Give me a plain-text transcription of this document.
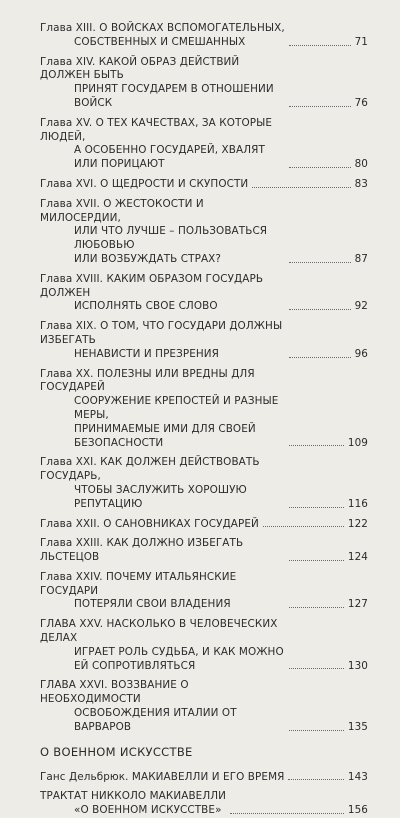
Глава XIII. О ВОЙСКАХ ВСПОМОГАТЕЛЬНЫХ,

СОБСТВЕННЫХ И СМЕШАННЫХ	71
Глава XIV. КАКОЙ ОБРАЗ ДЕЙСТВИЙ ДОЛЖЕН БЫТЬ

ПРИНЯТ ГОСУДАРЕМ В ОТНОШЕНИИ ВОЙСК	76
Глава XV. О ТЕХ КАЧЕСТВАХ, ЗА КОТОРЫЕ ЛЮДЕЙ,

А ОСОБЕННО ГОСУДАРЕЙ, ХВАЛЯТ
ИЛИ ПОРИЦАЮТ	80
Глава XVI. О ЩЕДРОСТИ И СКУПОСТИ	83
Глава XVII. О ЖЕСТОКОСТИ И МИЛОСЕРДИИ,

ИЛИ ЧТО ЛУЧШЕ – ПОЛЬЗОВАТЬСЯ ЛЮБОВЬЮ
ИЛИ ВОЗБУЖДАТЬ СТРАХ?	87
Глава XVIII. КАКИМ ОБРАЗОМ ГОСУДАРЬ ДОЛЖЕН

ИСПОЛНЯТЬ СВОЕ СЛОВО	92
Глава XIX. О ТОМ, ЧТО ГОСУДАРИ ДОЛЖНЫ ИЗБЕГАТЬ

НЕНАВИСТИ И ПРЕЗРЕНИЯ	96
Глава XX. ПОЛЕЗНЫ ИЛИ ВРЕДНЫ ДЛЯ ГОСУДАРЕЙ

СООРУЖЕНИЕ КРЕПОСТЕЙ И РАЗНЫЕ МЕРЫ,
ПРИНИМАЕМЫЕ ИМИ ДЛЯ СВОЕЙ
БЕЗОПАСНОСТИ	109
Глава XXI. КАК ДОЛЖЕН ДЕЙСТВОВАТЬ ГОСУДАРЬ,

ЧТОБЫ ЗАСЛУЖИТЬ ХОРОШУЮ РЕПУТАЦИЮ	116
Глава XXII. О САНОВНИКАХ ГОСУДАРЕЙ	122
Глава XXIII. КАК ДОЛЖНО ИЗБЕГАТЬ ЛЬСТЕЦОВ	124
Глава XXIV. ПОЧЕМУ ИТАЛЬЯНСКИЕ ГОСУДАРИ

ПОТЕРЯЛИ СВОИ ВЛАДЕНИЯ	127
ГЛАВА XXV. НАСКОЛЬКО В ЧЕЛОВЕЧЕСКИХ ДЕЛАХ

ИГРАЕТ РОЛЬ СУДЬБА, И КАК МОЖНО
ЕЙ СОПРОТИВЛЯТЬСЯ	130
ГЛАВА XXVI. ВОЗЗВАНИЕ О НЕОБХОДИМОСТИ

ОСВОБОЖДЕНИЯ ИТАЛИИ ОТ ВАРВАРОВ	135
О ВОЕННОМ ИСКУССТВЕ
Ганс Дельбрюк. МАКИАВЕЛЛИ И ЕГО ВРЕМЯ	143
ТРАКТАТ НИККОЛО МАКИАВЕЛЛИ

«О ВОЕННОМ ИСКУССТВЕ»	156
